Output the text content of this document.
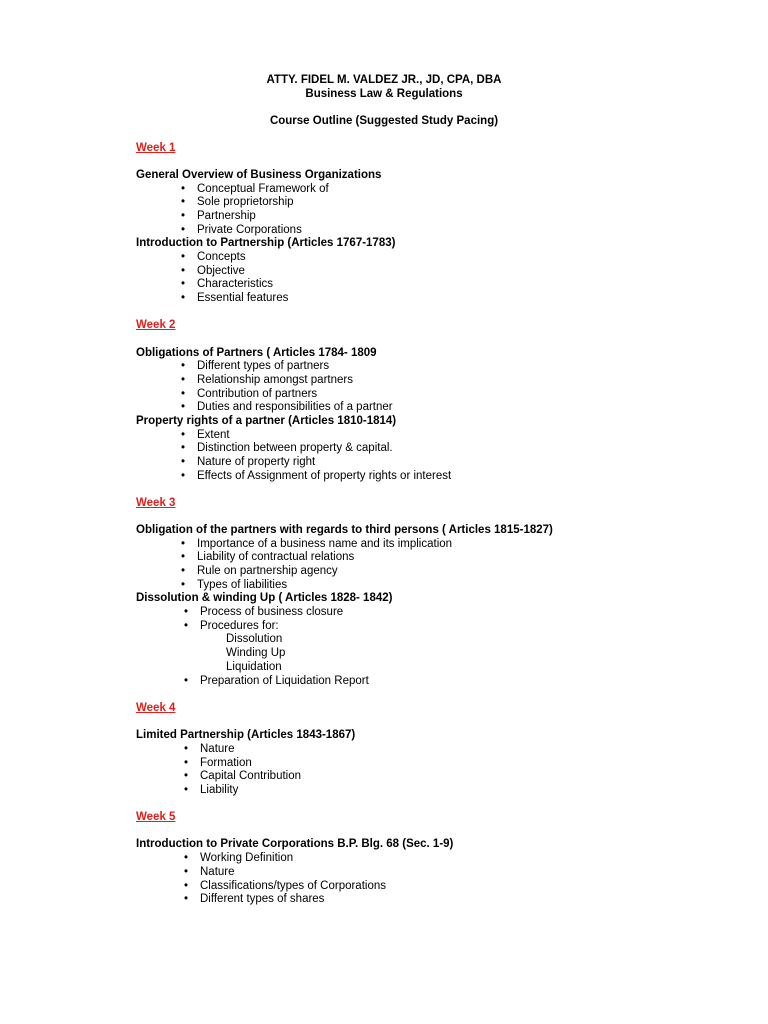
ATTY. FIDEL M. VALDEZ JR., JD, CPA, DBA
Business Law & Regulations
Course Outline (Suggested Study Pacing)
Week 1
General Overview of Business Organizations
• Conceptual Framework of
• Sole proprietorship
• Partnership
• Private Corporations
Introduction to Partnership (Articles 1767-1783)
• Concepts
• Objective
• Characteristics
• Essential features
Week 2
Obligations of Partners ( Articles 1784- 1809
• Different types of partners
• Relationship amongst partners
• Contribution of partners
• Duties and responsibilities of a partner
Property rights of a partner (Articles 1810-1814)
• Extent
• Distinction between property & capital.
• Nature of property right
• Effects of Assignment of property rights or interest
Week 3
Obligation of the partners with regards to third persons ( Articles 1815-1827)
• Importance of a business name and its implication
• Liability of contractual relations
• Rule on partnership agency
• Types of liabilities
Dissolution & winding Up ( Articles 1828- 1842)
• Process of business closure
• Procedures for:
Dissolution
Winding Up
Liquidation
• Preparation of Liquidation Report
Week 4
Limited Partnership (Articles 1843-1867)
• Nature
• Formation
• Capital Contribution
• Liability
Week 5
Introduction to Private Corporations B.P. Blg. 68 (Sec. 1-9)
• Working Definition
• Nature
• Classifications/types of Corporations
• Different types of shares
